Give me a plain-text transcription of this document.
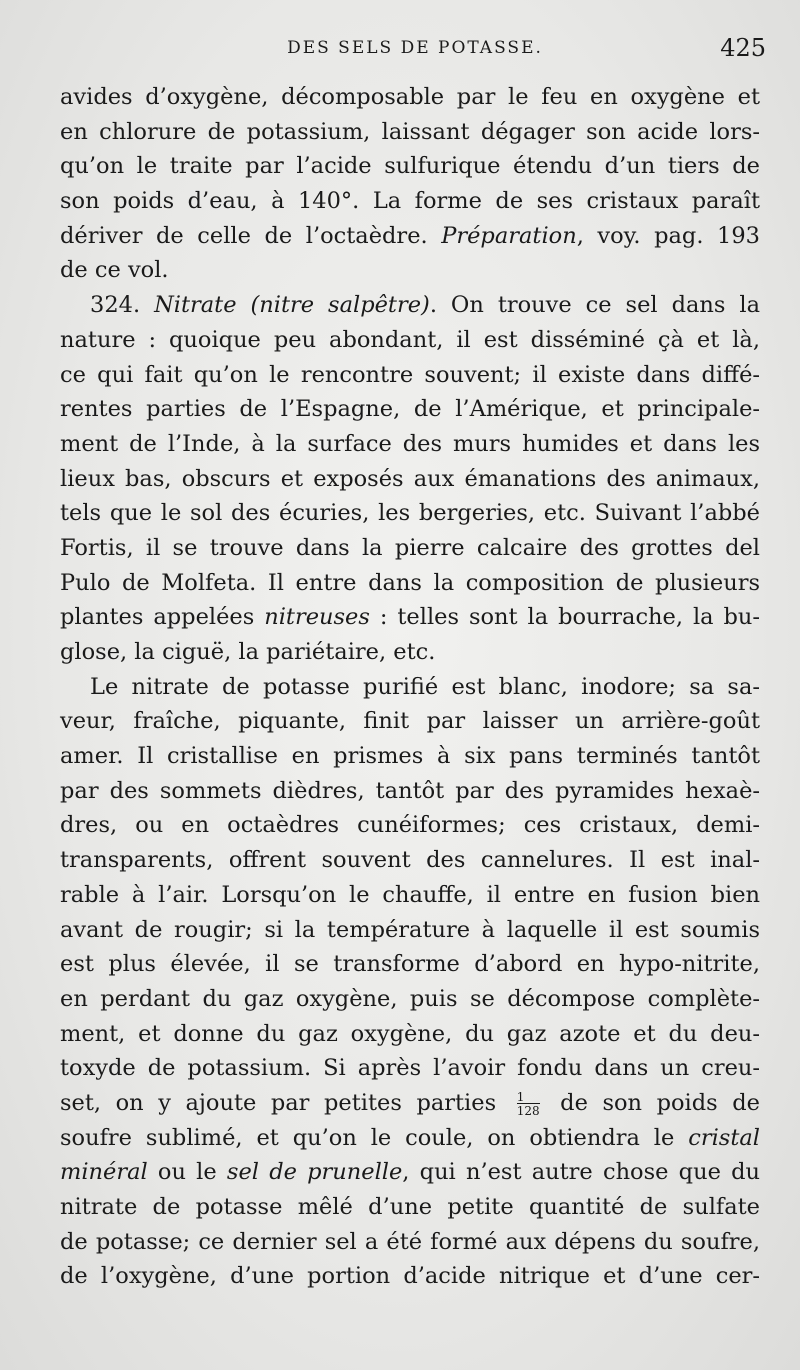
DES SELS DE POTASSE.	425
avides d’oxygène, décomposable par le feu en oxygène et
en chlorure de potassium, laissant dégager son acide lors-
qu’on le traite par l’acide sulfurique étendu d’un tiers de
son poids d’eau, à 140°. La forme de ses cristaux paraît
dériver de celle de l’octaèdre. Préparation, voy. pag. 193
de ce vol.
324. Nitrate (nitre salpêtre). On trouve ce sel dans la
nature : quoique peu abondant, il est disséminé çà et là,
ce qui fait qu’on le rencontre souvent; il existe dans diffé-
rentes parties de l’Espagne, de l’Amérique, et principale-
ment de l’Inde, à la surface des murs humides et dans les
lieux bas, obscurs et exposés aux émanations des animaux,
tels que le sol des écuries, les bergeries, etc. Suivant l’abbé
Fortis, il se trouve dans la pierre calcaire des grottes del
Pulo de Molfeta. Il entre dans la composition de plusieurs
plantes appelées nitreuses : telles sont la bourrache, la bu-
glose, la ciguë, la pariétaire, etc.
Le nitrate de potasse purifié est blanc, inodore; sa sa-
veur, fraîche, piquante, finit par laisser un arrière-goût
amer. Il cristallise en prismes à six pans terminés tantôt
par des sommets dièdres, tantôt par des pyramides hexaè-
dres, ou en octaèdres cunéiformes; ces cristaux, demi-
transparents, offrent souvent des cannelures. Il est inal-
rable à l’air. Lorsqu’on le chauffe, il entre en fusion bien
avant de rougir; si la température à laquelle il est soumis
est plus élevée, il se transforme d’abord en hypo-nitrite,
en perdant du gaz oxygène, puis se décompose complète-
ment, et donne du gaz oxygène, du gaz azote et du deu-
toxyde de potassium. Si après l’avoir fondu dans un creu-
set, on y ajoute par petites parties $\frac{1}{128}$ de son poids de
soufre sublimé, et qu’on le coule, on obtiendra le cristal
minéral ou le sel de prunelle, qui n’est autre chose que du
nitrate de potasse mêlé d’une petite quantité de sulfate
de potasse; ce dernier sel a été formé aux dépens du soufre,
de l’oxygène, d’une portion d’acide nitrique et d’une cer-
